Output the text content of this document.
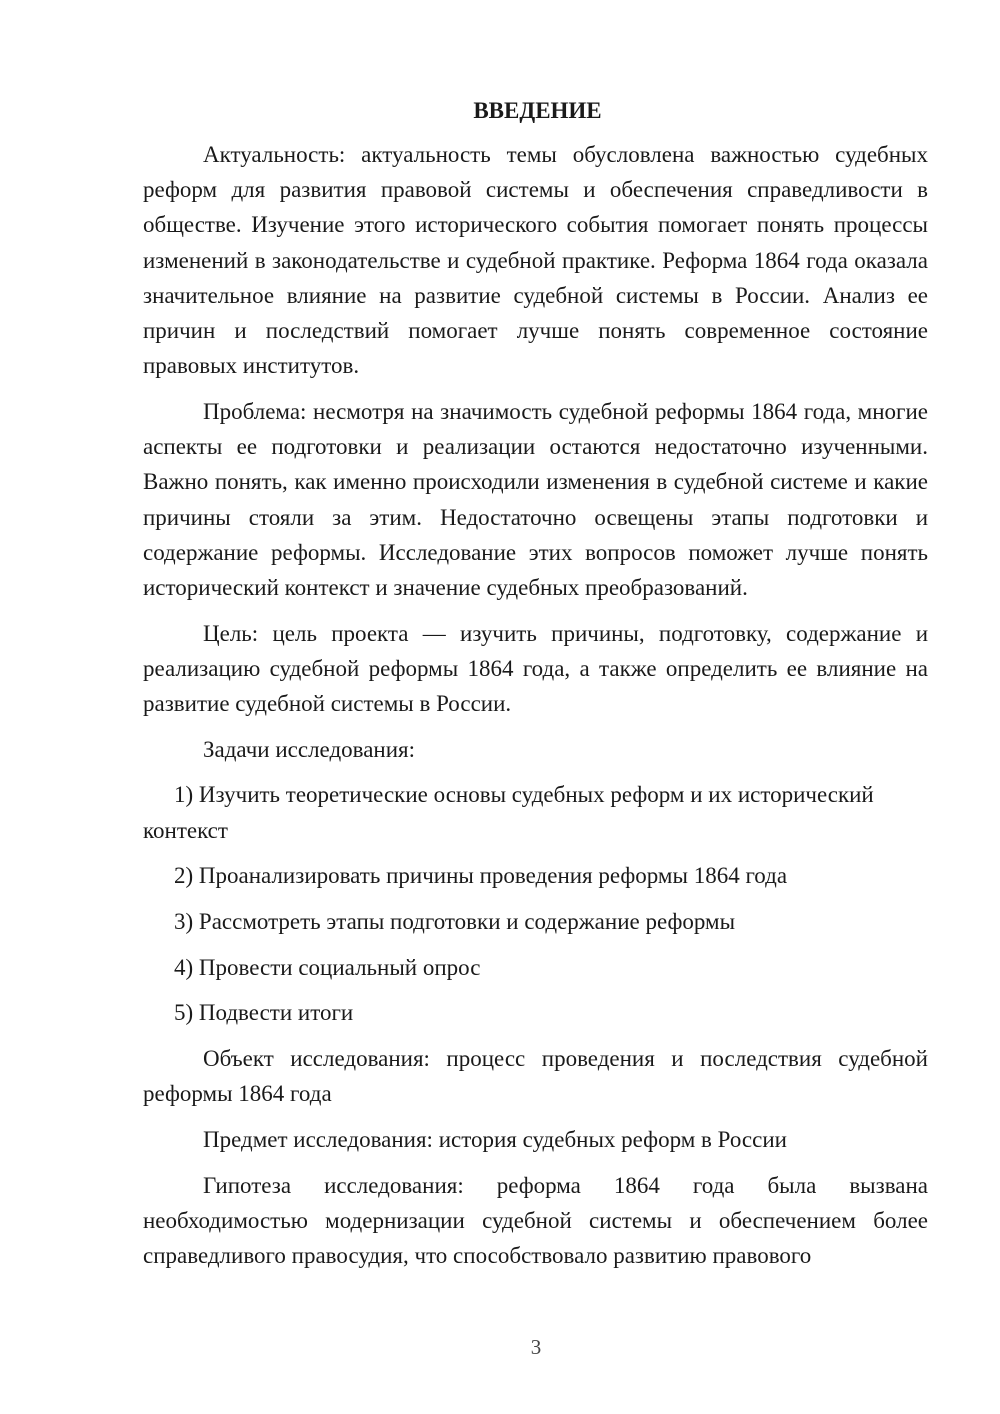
ВВЕДЕНИЕ

Актуальность: актуальность темы обусловлена важностью судебных реформ для развития правовой системы и обеспечения справедливости в обществе. Изучение этого исторического события помогает понять процессы изменений в законодательстве и судебной практике. Реформа 1864 года оказала значительное влияние на развитие судебной системы в России. Анализ ее причин и последствий помогает лучше понять современное состояние правовых институтов.

Проблема: несмотря на значимость судебной реформы 1864 года, многие аспекты ее подготовки и реализации остаются недостаточно изученными. Важно понять, как именно происходили изменения в судебной системе и какие причины стояли за этим. Недостаточно освещены этапы подготовки и содержание реформы. Исследование этих вопросов поможет лучше понять исторический контекст и значение судебных преобразований.

Цель: цель проекта — изучить причины, подготовку, содержание и реализацию судебной реформы 1864 года, а также определить ее влияние на развитие судебной системы в России.

Задачи исследования:

1) Изучить теоретические основы судебных реформ и их исторический контекст

2) Проанализировать причины проведения реформы 1864 года

3) Рассмотреть этапы подготовки и содержание реформы

4) Провести социальный опрос

5) Подвести итоги

Объект исследования: процесс проведения и последствия судебной реформы 1864 года

Предмет исследования: история судебных реформ в России

Гипотеза исследования: реформа 1864 года была вызвана необходимостью модернизации судебной системы и обеспечением более справедливого правосудия, что способствовало развитию правового

3
